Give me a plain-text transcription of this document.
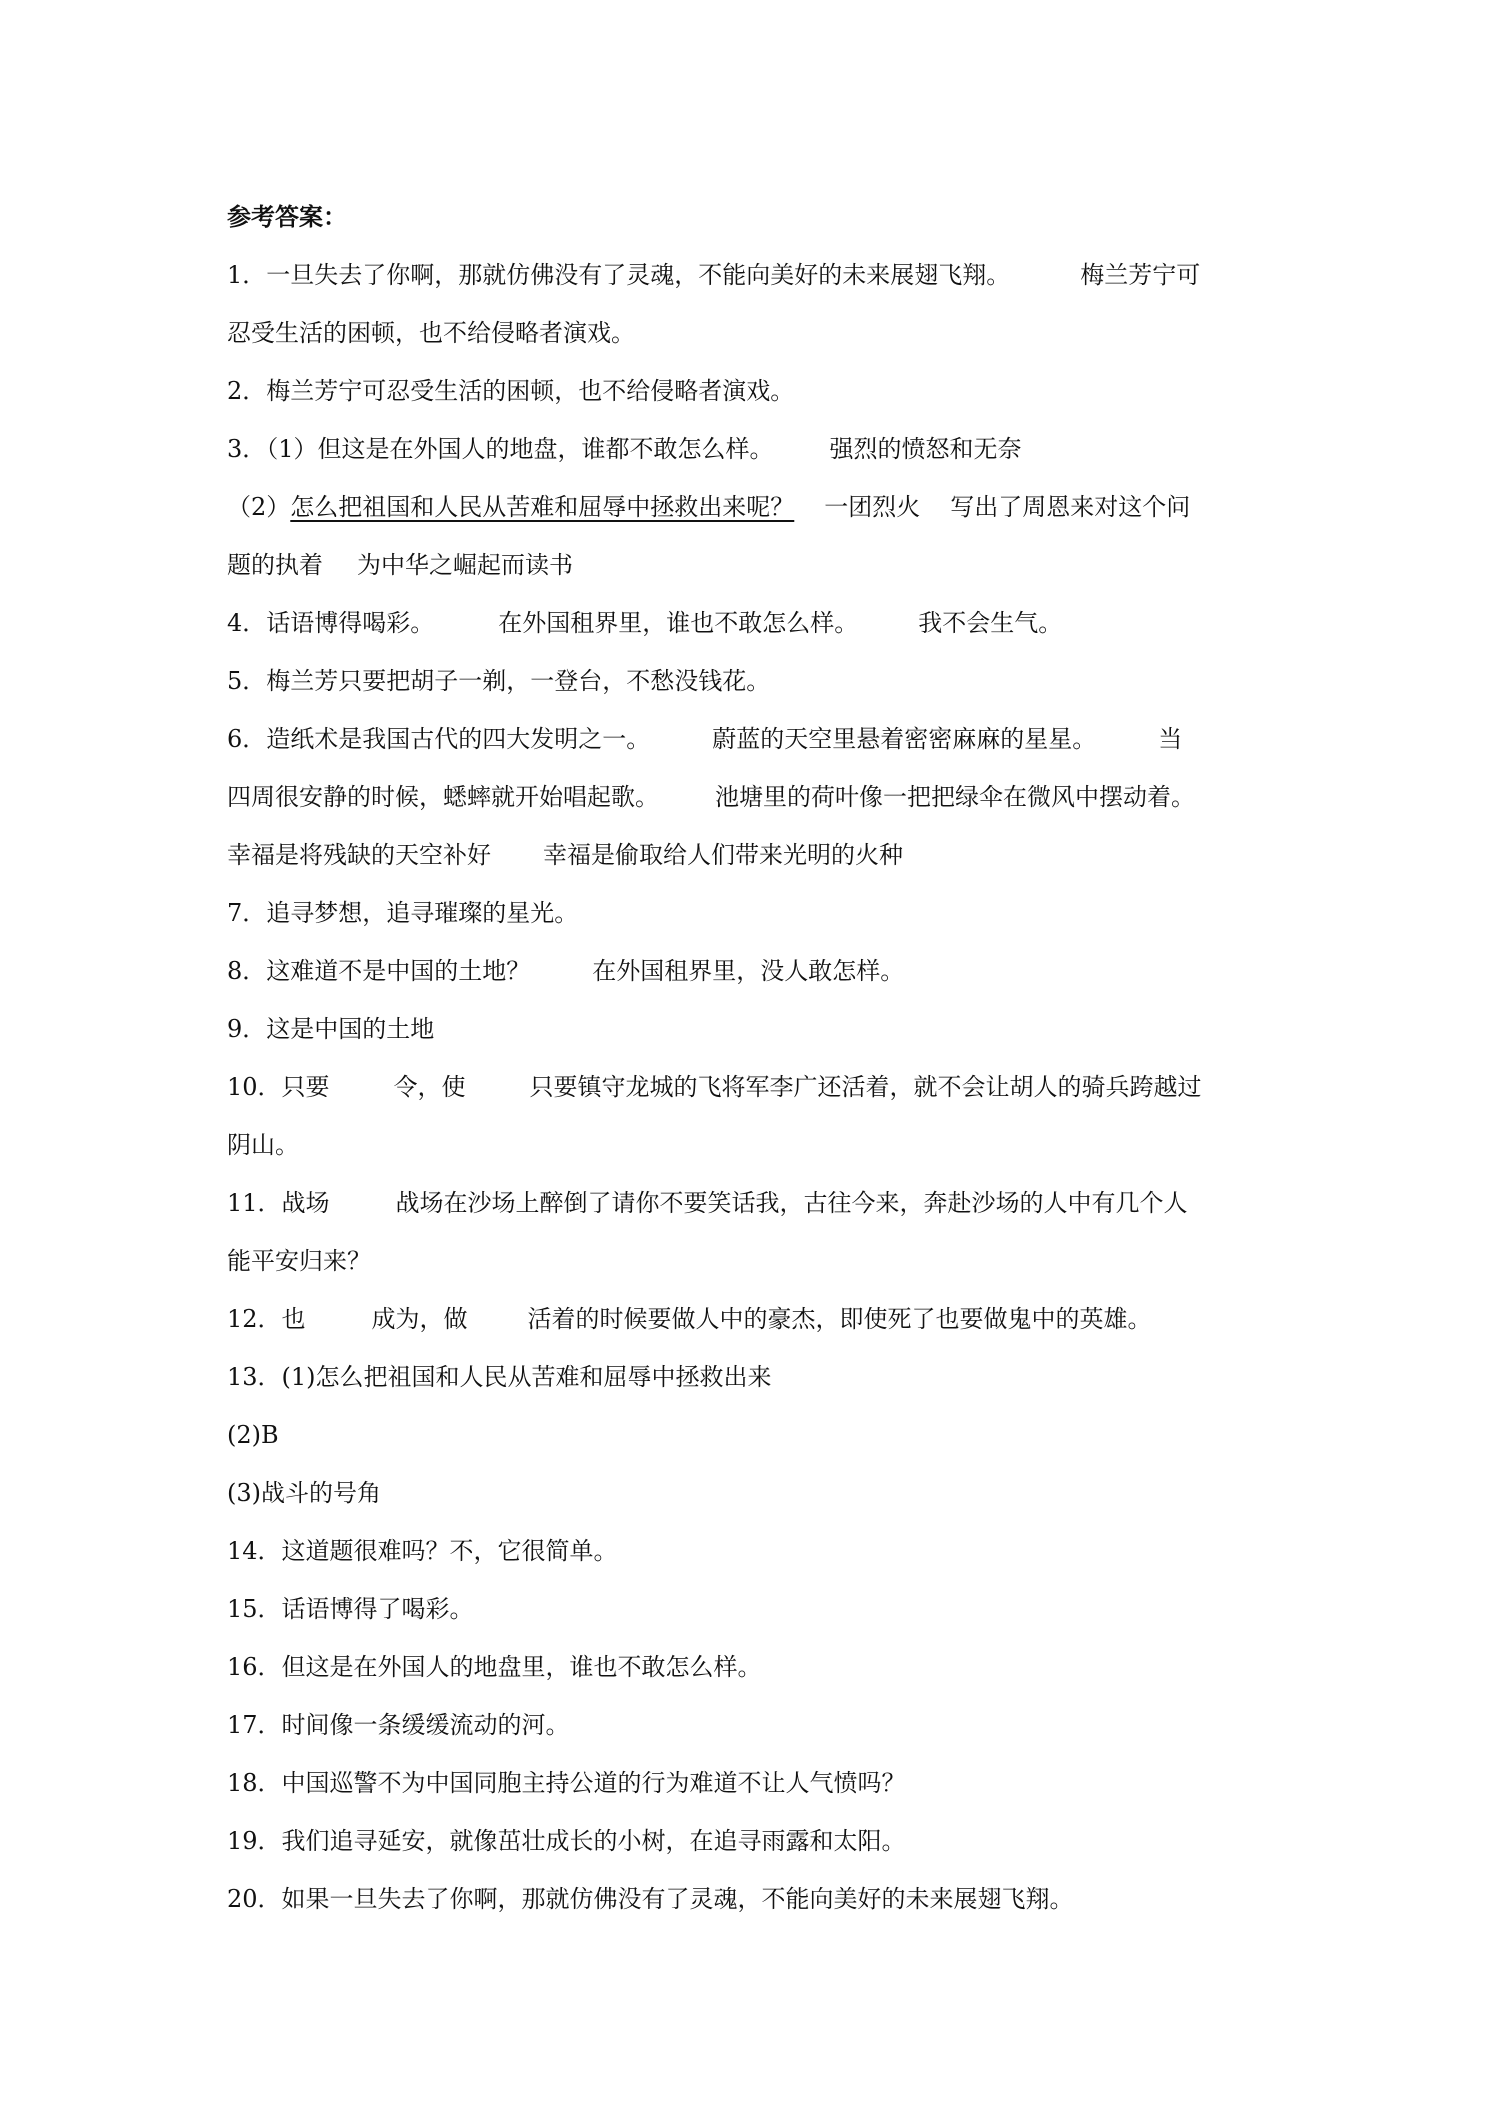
参考答案：

1．一旦失去了你啊，那就仿佛没有了灵魂，不能向美好的未来展翅飞翔。	梅兰芳宁可

忍受生活的困顿，也不给侵略者演戏。

2．梅兰芳宁可忍受生活的困顿，也不给侵略者演戏。

3．（1）但这是在外国人的地盘，谁都不敢怎么样。 强烈的愤怒和无奈

（2）怎么把祖国和人民从苦难和屈辱中拯救出来呢？ 一团烈火 写出了周恩来对这个问

题的执着 为中华之崛起而读书

4．话语博得喝彩。	在外国租界里，谁也不敢怎么样。	我不会生气。

5．梅兰芳只要把胡子一剃，一登台，不愁没钱花。

6．造纸术是我国古代的四大发明之一。	蔚蓝的天空里悬着密密麻麻的星星。	当

四周很安静的时候，蟋蟀就开始唱起歌。 池塘里的荷叶像一把把绿伞在微风中摆动着。

幸福是将残缺的天空补好 幸福是偷取给人们带来光明的火种

7．追寻梦想，追寻璀璨的星光。

8．这难道不是中国的土地？	在外国租界里，没人敢怎样。

9．这是中国的土地

10．只要	令，使	只要镇守龙城的飞将军李广还活着，就不会让胡人的骑兵跨越过

阴山。

11．战场	战场在沙场上醉倒了请你不要笑话我，古往今来，奔赴沙场的人中有几个人

能平安归来？

12．也	成为，做	活着的时候要做人中的豪杰，即使死了也要做鬼中的英雄。

13．(1)怎么把祖国和人民从苦难和屈辱中拯救出来

(2)B

(3)战斗的号角

14．这道题很难吗？不，它很简单。

15．话语博得了喝彩。

16．但这是在外国人的地盘里，谁也不敢怎么样。

17．时间像一条缓缓流动的河。

18．中国巡警不为中国同胞主持公道的行为难道不让人气愤吗？

19．我们追寻延安，就像茁壮成长的小树，在追寻雨露和太阳。

20．如果一旦失去了你啊，那就仿佛没有了灵魂，不能向美好的未来展翅飞翔。
